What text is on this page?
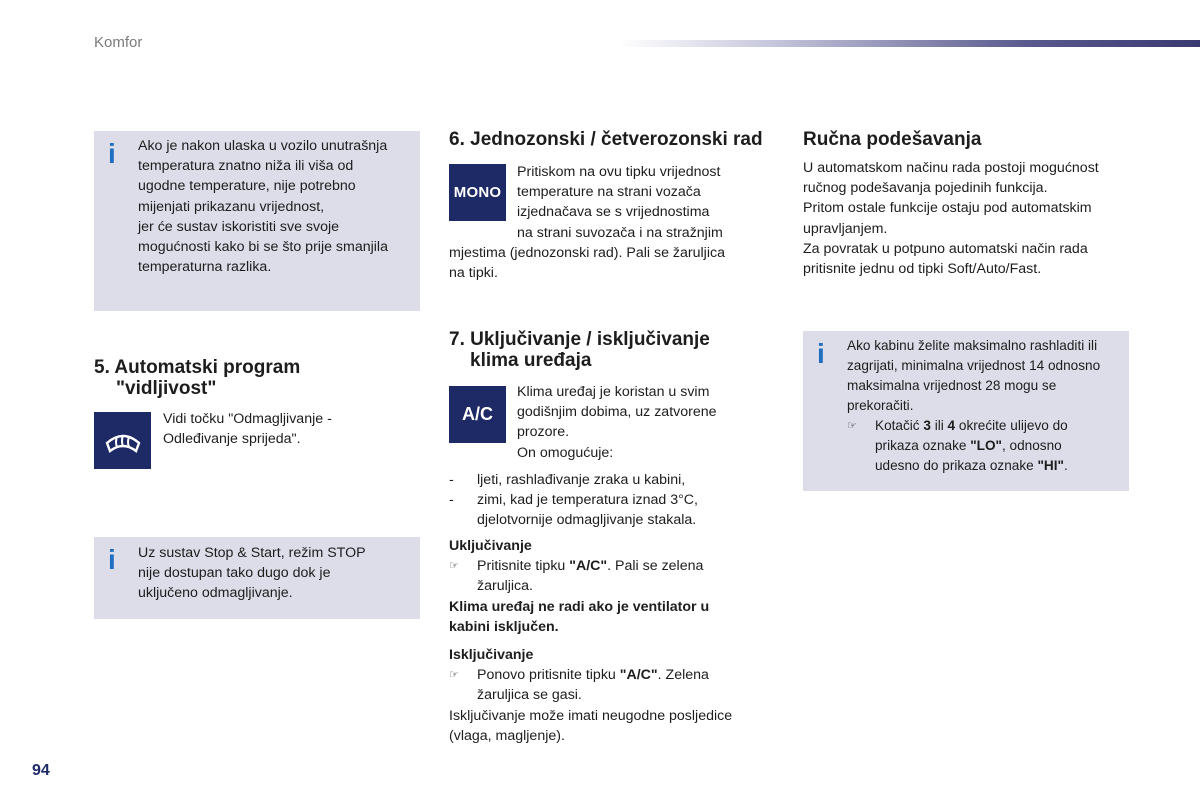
Komfor
i Ako je nakon ulaska u vozilo unutrašnja
temperatura znatno niža ili viša od
ugodne temperature, nije potrebno
mijenjati prikazanu vrijednost,
jer će sustav iskoristiti sve svoje
mogućnosti kako bi se što prije smanjila
temperaturna razlika.
5. Automatski program
"vidljivost"
Vidi točku "Odmagljivanje -
Odleđivanje sprijeda".
i Uz sustav Stop & Start, režim STOP
nije dostupan tako dugo dok je
uključeno odmagljivanje.
6. Jednozonski / četverozonski rad
MONO
Pritiskom na ovu tipku vrijednost
temperature na strani vozača
izjednačava se s vrijednostima
na strani suvozača i na stražnjim
mjestima (jednozonski rad). Pali se žaruljica
na tipki.
7. Uključivanje / isključivanje
klima uređaja
A/C
Klima uređaj je koristan u svim
godišnjim dobima, uz zatvorene
prozore.
On omogućuje:
-	ljeti, rashlađivanje zraka u kabini,
-	zimi, kad je temperatura iznad 3°C,
djelotvornije odmagljivanje stakala.
Uključivanje
☞	Pritisnite tipku "A/C". Pali se zelena
žaruljica.
Klima uređaj ne radi ako je ventilator u
kabini isključen.
Isključivanje
☞	Ponovo pritisnite tipku "A/C". Zelena
žaruljica se gasi.
Isključivanje može imati neugodne posljedice
(vlaga, magljenje).
Ručna podešavanja
U automatskom načinu rada postoji mogućnost
ručnog podešavanja pojedinih funkcija.
Pritom ostale funkcije ostaju pod automatskim
upravljanjem.
Za povratak u potpuno automatski način rada
pritisnite jednu od tipki Soft/Auto/Fast.
i Ako kabinu želite maksimalno rashladiti ili
zagrijati, minimalna vrijednost 14 odnosno
maksimalna vrijednost 28 mogu se
prekoračiti.
☞	Kotačić 3 ili 4 okrećite ulijevo do
prikaza oznake "LO", odnosno
udesno do prikaza oznake "HI".
94
